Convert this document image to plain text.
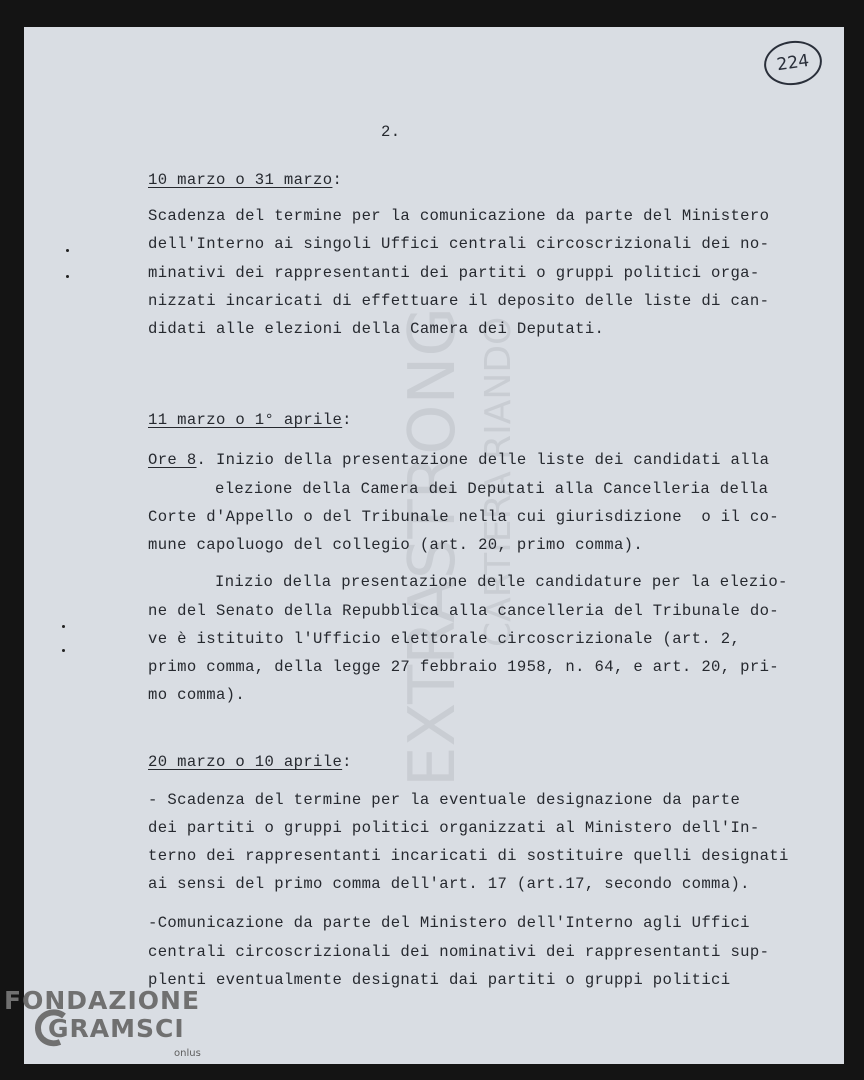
224
EXTRASTRONG CARTIERA RIANDO
2.
10 marzo o 31 marzo:
Scadenza del termine per la comunicazione da parte del Ministero
dell'Interno ai singoli Uffici centrali circoscrizionali dei no-
minativi dei rappresentanti dei partiti o gruppi politici orga-
nizzati incaricati di effettuare il deposito delle liste di can-
didati alle elezioni della Camera dei Deputati.
11 marzo o 1° aprile:
Ore 8. Inizio della presentazione delle liste dei candidati alla
elezione della Camera dei Deputati alla Cancelleria della
Corte d'Appello o del Tribunale nella cui giurisdizione  o il co-
mune capoluogo del collegio (art. 20, primo comma).
Inizio della presentazione delle candidature per la elezio-
ne del Senato della Repubblica alla cancelleria del Tribunale do-
ve è istituito l'Ufficio elettorale circoscrizionale (art. 2,
primo comma, della legge 27 febbraio 1958, n. 64, e art. 20, pri-
mo comma).
20 marzo o 10 aprile:
- Scadenza del termine per la eventuale designazione da parte
dei partiti o gruppi politici organizzati al Ministero dell'In-
terno dei rappresentanti incaricati di sostituire quelli designati
ai sensi del primo comma dell'art. 17 (art.17, secondo comma).
-Comunicazione da parte del Ministero dell'Interno agli Uffici
centrali circoscrizionali dei nominativi dei rappresentanti sup-
plenti eventualmente designati dai partiti o gruppi politici
FONDAZIONE
GRAMSCI
onlus
